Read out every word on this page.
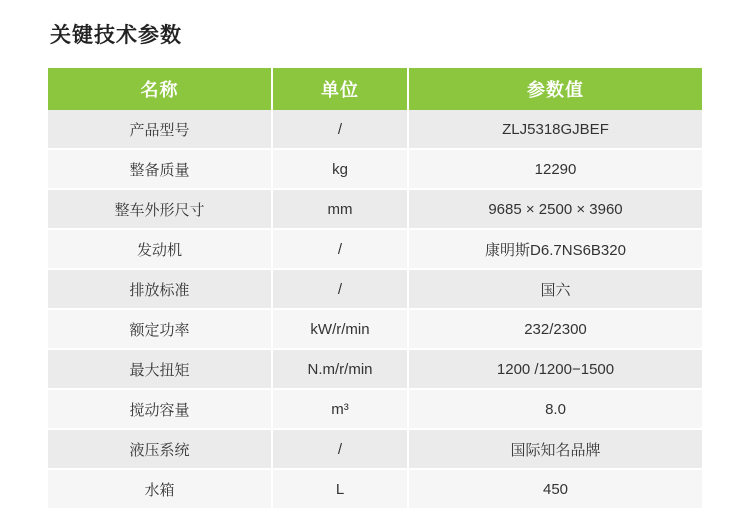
关键技术参数
名称	单位	参数值
产品型号	/	ZLJ5318GJBEF
整备质量	kg	12290
整车外形尺寸	mm	9685 × 2500 × 3960
发动机	/	康明斯D6.7NS6B320
排放标准	/	国六
额定功率	kW/r/min	232/2300
最大扭矩	N.m/r/min	1200 /1200−1500
搅动容量	m³	8.0
液压系统	/	国际知名品牌
水箱	L	450
